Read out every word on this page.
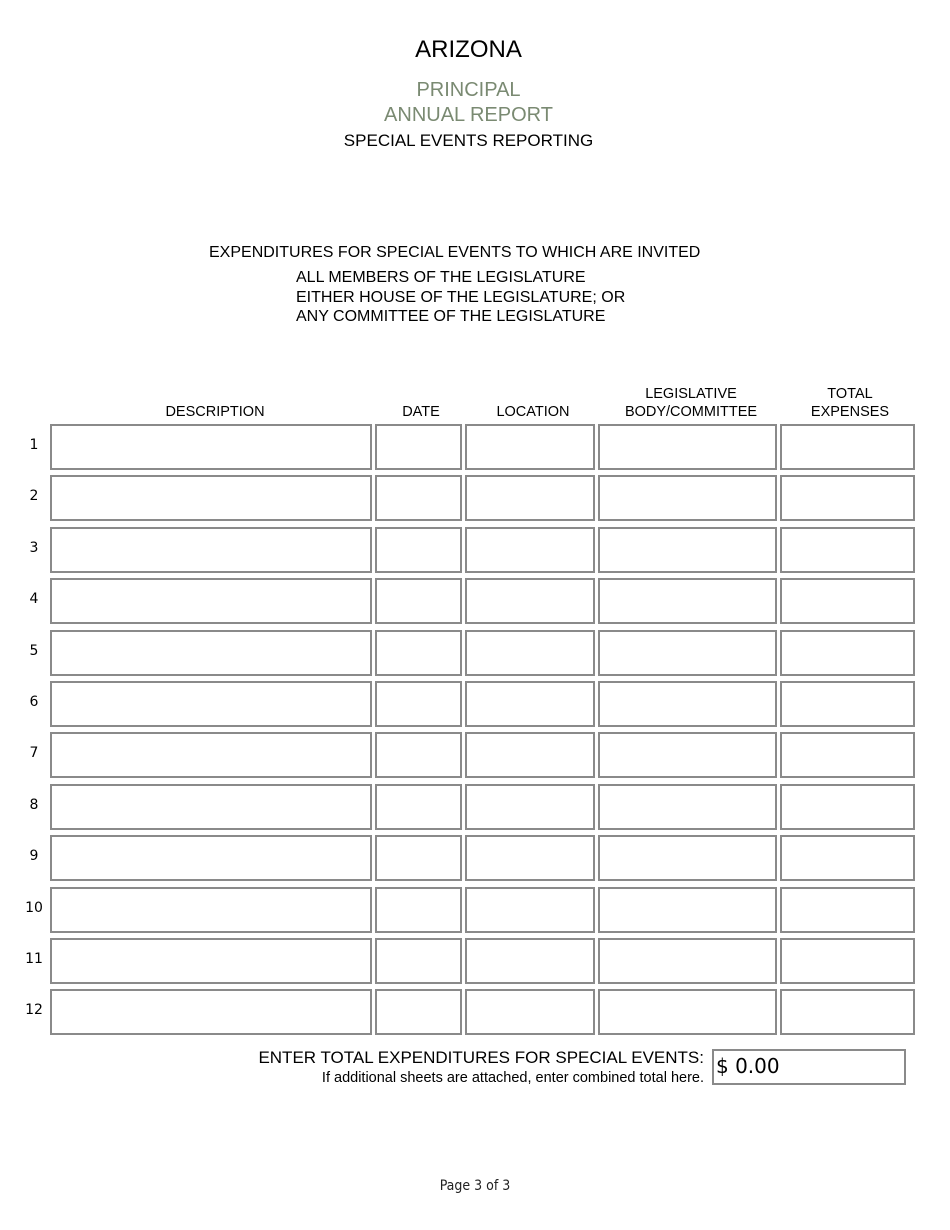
ARIZONA
PRINCIPAL
ANNUAL REPORT
SPECIAL EVENTS REPORTING
EXPENDITURES FOR SPECIAL EVENTS TO WHICH ARE INVITED
ALL MEMBERS OF THE LEGISLATURE
EITHER HOUSE OF THE LEGISLATURE; OR
ANY COMMITTEE OF THE LEGISLATURE
DESCRIPTION	DATE	LOCATION
LEGISLATIVE
BODY/COMMITTEE
TOTAL
EXPENSES
1
2
3
4
5
6
7
8
9
10
11
12
ENTER TOTAL EXPENDITURES FOR SPECIAL EVENTS:
If additional sheets are attached, enter combined total here. $ 0.00
Page 3 of 3
